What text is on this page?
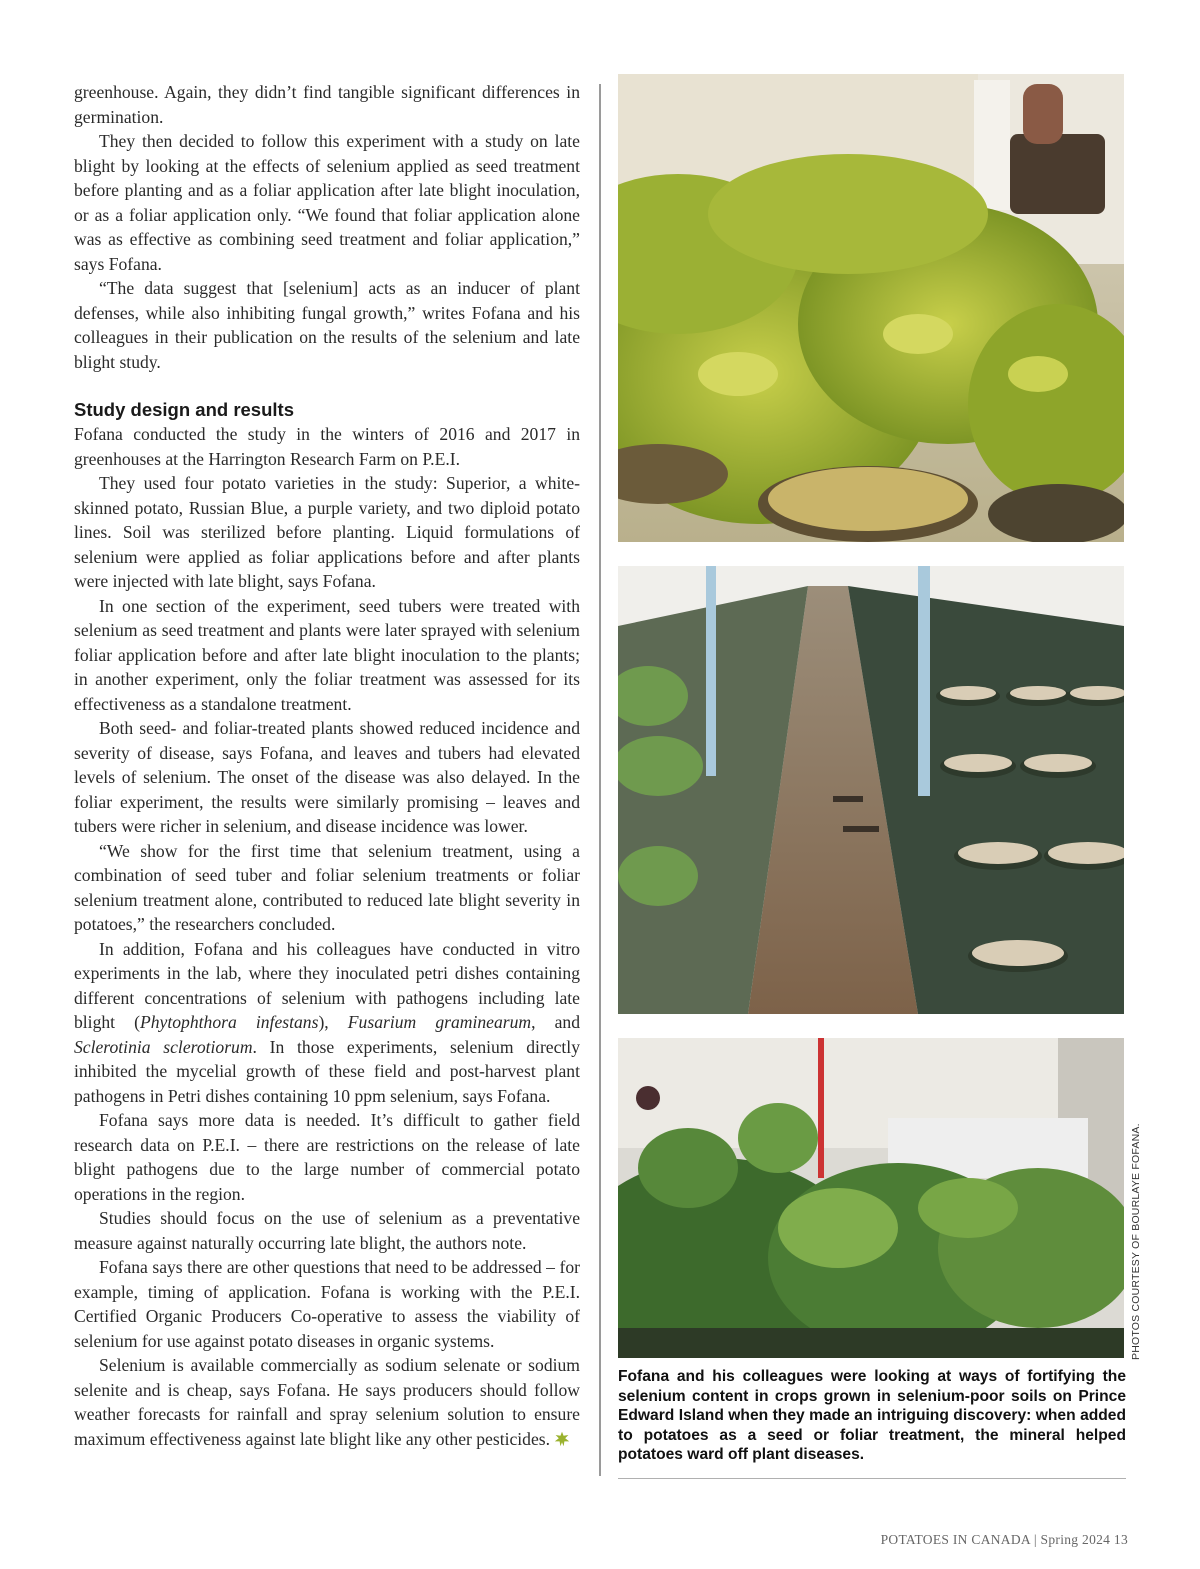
greenhouse. Again, they didn’t find tangible significant differences in germination.

They then decided to follow this experiment with a study on late blight by looking at the effects of selenium applied as seed treatment before planting and as a foliar application after late blight inoculation, or as a foliar application only. “We found that foliar application alone was as effective as combining seed treatment and foliar application,” says Fofana.

“The data suggest that [selenium] acts as an inducer of plant defenses, while also inhibiting fungal growth,” writes Fofana and his colleagues in their publication on the results of the selenium and late blight study.

Study design and results

Fofana conducted the study in the winters of 2016 and 2017 in greenhouses at the Harrington Research Farm on P.E.I.

They used four potato varieties in the study: Superior, a white-skinned potato, Russian Blue, a purple variety, and two diploid potato lines. Soil was sterilized before planting. Liquid formulations of selenium were applied as foliar applications before and after plants were injected with late blight, says Fofana.

In one section of the experiment, seed tubers were treated with selenium as seed treatment and plants were later sprayed with selenium foliar application before and after late blight inoculation to the plants; in another experiment, only the foliar treatment was assessed for its effectiveness as a standalone treatment.

Both seed- and foliar-treated plants showed reduced incidence and severity of disease, says Fofana, and leaves and tubers had elevated levels of selenium. The onset of the disease was also delayed. In the foliar experiment, the results were similarly promising – leaves and tubers were richer in selenium, and disease incidence was lower.

“We show for the first time that selenium treatment, using a combination of seed tuber and foliar selenium treatments or foliar selenium treatment alone, contributed to reduced late blight severity in potatoes,” the researchers concluded.

In addition, Fofana and his colleagues have conducted in vitro experiments in the lab, where they inoculated petri dishes containing different concentrations of selenium with pathogens including late blight (Phytophthora infestans), Fusarium graminearum, and Sclerotinia sclerotiorum. In those experiments, selenium directly inhibited the mycelial growth of these field and post-harvest plant pathogens in Petri dishes containing 10 ppm selenium, says Fofana.

Fofana says more data is needed. It’s difficult to gather field research data on P.E.I. – there are restrictions on the release of late blight pathogens due to the large number of commercial potato operations in the region.

Studies should focus on the use of selenium as a preventative measure against naturally occurring late blight, the authors note.

Fofana says there are other questions that need to be addressed – for example, timing of application. Fofana is working with the P.E.I. Certified Organic Producers Co-operative to assess the viability of selenium for use against potato diseases in organic systems.

Selenium is available commercially as sodium selenate or sodium selenite and is cheap, says Fofana. He says producers should follow weather forecasts for rainfall and spray selenium solution to ensure maximum effectiveness against late blight like any other pesticides.

PHOTOS COURTESY OF BOURLAYE FOFANA.
Fofana and his colleagues were looking at ways of fortifying the selenium content in crops grown in selenium-poor soils on Prince Edward Island when they made an intriguing discovery: when added to potatoes as a seed or foliar treatment, the mineral helped potatoes ward off plant diseases.
POTATOES IN CANADA | Spring 2024 13
